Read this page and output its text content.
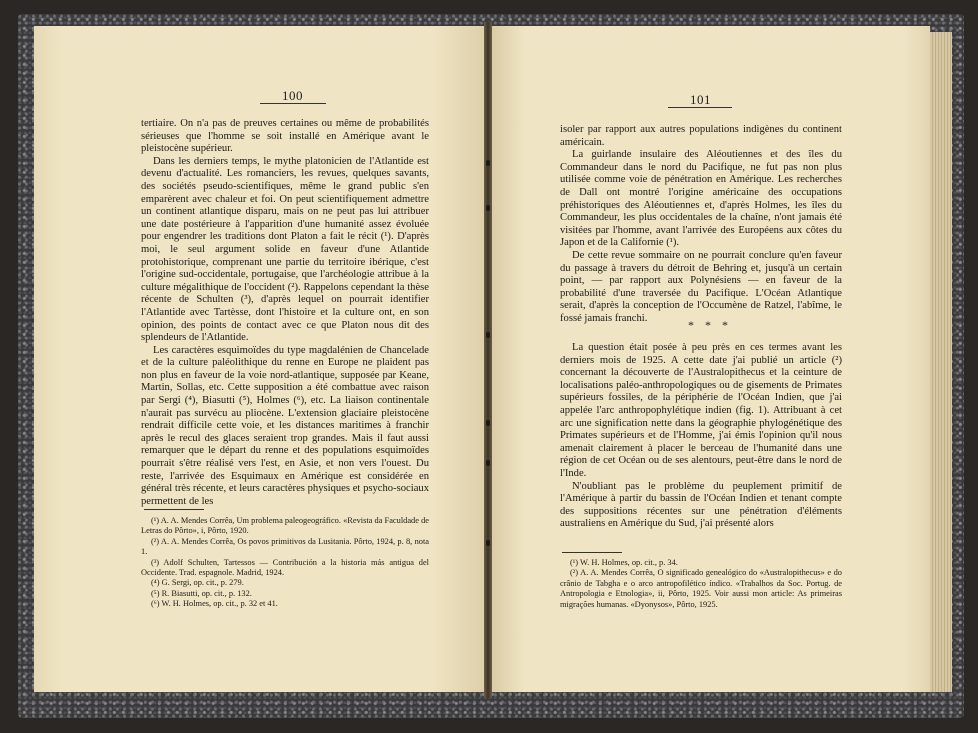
100

tertiaire. On n'a pas de preuves certaines ou même de probabilités sérieuses que l'homme se soit installé en Amérique avant le pleistocène supérieur.

Dans les derniers temps, le mythe platonicien de l'Atlantide est devenu d'actualité. Les romanciers, les revues, quelques savants, des sociétés pseudo-scientifiques, même le grand public s'en emparèrent avec chaleur et foi. On peut scientifiquement admettre un continent atlantique disparu, mais on ne peut pas lui attribuer une date postérieure à l'apparition d'une humanité assez évoluée pour engendrer les traditions dont Platon a fait le récit (¹). D'après moi, le seul argument solide en faveur d'une Atlantide protohistorique, comprenant une partie du territoire ibérique, c'est l'origine sud-occidentale, portugaise, que l'archéologie attribue à la culture mégalithique de l'occident (²). Rappelons cependant la thèse récente de Schulten (³), d'après lequel on pourrait identifier l'Atlantide avec Tartèsse, dont l'histoire et la culture ont, en son opinion, des points de contact avec ce que Platon nous dit des splendeurs de l'Atlantide.

Les caractères esquimoïdes du type magdalénien de Chancelade et de la culture paléolithique du renne en Europe ne plaident pas non plus en faveur de la voie nord-atlantique, supposée par Keane, Martin, Sollas, etc. Cette supposition a été combattue avec raison par Sergi (⁴), Biasutti (⁵), Holmes (⁶), etc. La liaison continentale n'aurait pas survécu au pliocène. L'extension glaciaire pleistocène rendrait difficile cette voie, et les distances maritimes à franchir après le recul des glaces seraient trop grandes. Mais il faut aussi remarquer que le départ du renne et des populations esquimoïdes pourrait s'être réalisé vers l'est, en Asie, et non vers l'ouest. Du reste, l'arrivée des Esquimaux en Amérique est considérée en général très récente, et leurs caractères physiques et psycho-sociaux permettent de les

(¹) A. A. Mendes Corrêa, Um problema paleogeográfico. «Revista da Faculdade de Letras do Pôrto», i, Pôrto, 1920.
(²) A. A. Mendes Corrêa, Os povos primitivos da Lusitania. Pôrto, 1924, p. 8, nota 1.
(³) Adolf Schulten, Tartessos — Contribución a la historia más antigua del Occidente. Trad. espagnole. Madrid, 1924.
(⁴) G. Sergi, op. cit., p. 279.
(⁵) R. Biasutti, op. cit., p. 132.
(⁶) W. H. Holmes, op. cit., p. 32 et 41.
101

isoler par rapport aux autres populations indigènes du continent américain.

La guirlande insulaire des Aléoutiennes et des îles du Commandeur dans le nord du Pacifique, ne fut pas non plus utilisée comme voie de pénétration en Amérique. Les recherches de Dall ont montré l'origine américaine des occupations préhistoriques des Aléoutiennes et, d'après Holmes, les îles du Commandeur, les plus occidentales de la chaîne, n'ont jamais été visitées par l'homme, avant l'arrivée des Européens aux côtes du Japon et de la Californie (¹).

De cette revue sommaire on ne pourrait conclure qu'en faveur du passage à travers du détroit de Behring et, jusqu'à un certain point, — par rapport aux Polynésiens — en faveur de la probabilité d'une traversée du Pacifique. L'Océan Atlantique serait, d'après la conception de l'Occumène de Ratzel, l'abîme, le fossé jamais franchi.	* * *

La question était posée à peu près en ces termes avant les derniers mois de 1925. A cette date j'ai publié un article (²) concernant la découverte de l'Australopithecus et la ceinture de localisations paléo-anthropologiques ou de gisements de Primates supérieurs fossiles, de la périphérie de l'Océan Indien, que j'ai appelée l'arc anthropophylétique indien (fig. 1). Attribuant à cet arc une signification nette dans la géographie phylogénétique des Primates supérieurs et de l'Homme, j'ai émis l'opinion qu'il nous amenait clairement à placer le berceau de l'humanité dans une région de cet Océan ou de ses alentours, peut-être dans le nord de l'Inde.

N'oubliant pas le problème du peuplement primitif de l'Amérique à partir du bassin de l'Océan Indien et tenant compte des suppositions récentes sur une pénétration d'éléments australiens en Amérique du Sud, j'ai présenté alors

(¹) W. H. Holmes, op. cit., p. 34.
(²) A. A. Mendes Corrêa, O significado genealógico do «Australopithecus» e do crânio de Tabgha e o arco antropofilético índico. «Trabalhos da Soc. Portug. de Antropologia e Etnologia», ii, Pôrto, 1925. Voir aussi mon article: As primeiras migrações humanas. «Dyonysos», Pôrto, 1925.
